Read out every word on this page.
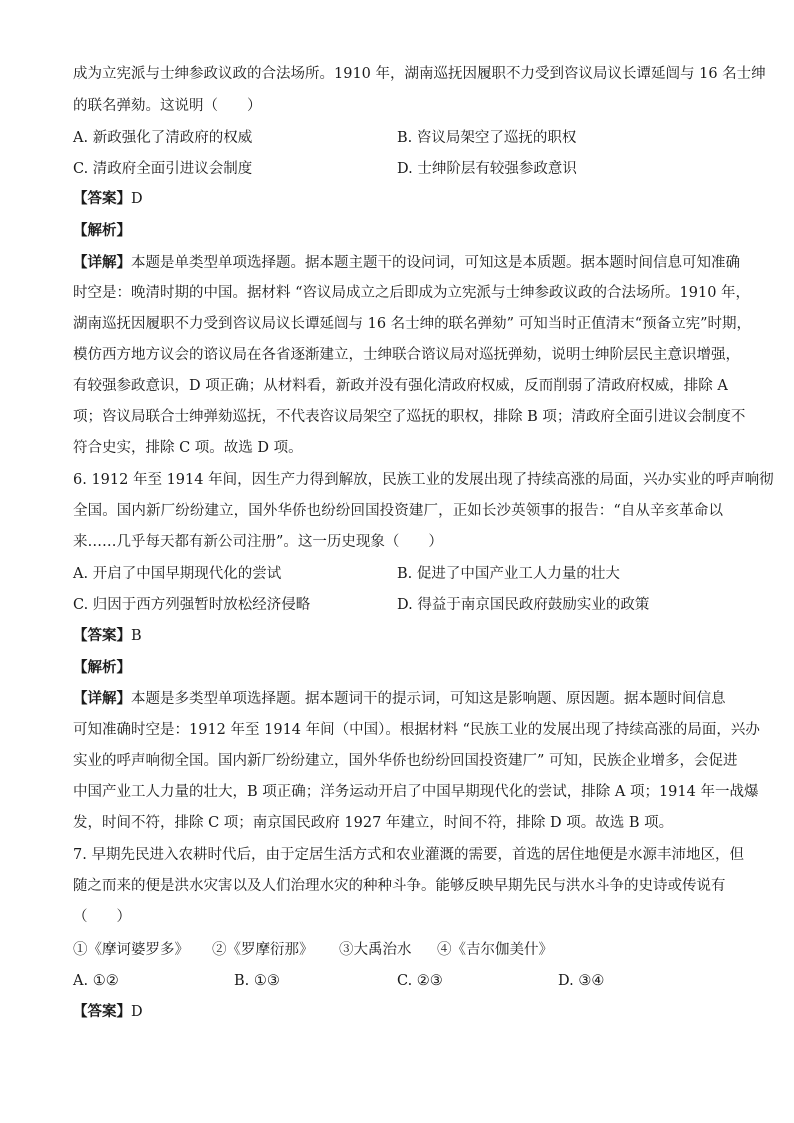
成为立宪派与士绅参政议政的合法场所。1910 年，湖南巡抚因履职不力受到咨议局议长谭延闿与 16 名士绅
的联名弹劾。这说明（　　）
A. 新政强化了清政府的权威	B. 咨议局架空了巡抚的职权
C. 清政府全面引进议会制度	D. 士绅阶层有较强参政意识
【答案】D
【解析】
【详解】本题是单类型单项选择题。据本题主题干的设问词，可知这是本质题。据本题时间信息可知准确
时空是：晚清时期的中国。据材料 “咨议局成立之后即成为立宪派与士绅参政议政的合法场所。1910 年，
湖南巡抚因履职不力受到咨议局议长谭延闿与 16 名士绅的联名弹劾” 可知当时正值清末“预备立宪”时期，
模仿西方地方议会的谘议局在各省逐渐建立，士绅联合谘议局对巡抚弹劾，说明士绅阶层民主意识增强，
有较强参政意识，D 项正确；从材料看，新政并没有强化清政府权威，反而削弱了清政府权威，排除 A
项；咨议局联合士绅弹劾巡抚，不代表咨议局架空了巡抚的职权，排除 B 项；清政府全面引进议会制度不
符合史实，排除 C 项。故选 D 项。
6. 1912 年至 1914 年间，因生产力得到解放，民族工业的发展出现了持续高涨的局面，兴办实业的呼声响彻
全国。国内新厂纷纷建立，国外华侨也纷纷回国投资建厂，正如长沙英领事的报告：“自从辛亥革命以
来……几乎每天都有新公司注册”。这一历史现象（　　）
A. 开启了中国早期现代化的尝试	B. 促进了中国产业工人力量的壮大
C. 归因于西方列强暂时放松经济侵略	D. 得益于南京国民政府鼓励实业的政策
【答案】B
【解析】
【详解】本题是多类型单项选择题。据本题词干的提示词，可知这是影响题、原因题。据本题时间信息
可知准确时空是：1912 年至 1914 年间（中国）。根据材料 “民族工业的发展出现了持续高涨的局面，兴办
实业的呼声响彻全国。国内新厂纷纷建立，国外华侨也纷纷回国投资建厂” 可知，民族企业增多，会促进
中国产业工人力量的壮大，B 项正确；洋务运动开启了中国早期现代化的尝试，排除 A 项；1914 年一战爆
发，时间不符，排除 C 项；南京国民政府 1927 年建立，时间不符，排除 D 项。故选 B 项。
7. 早期先民进入农耕时代后，由于定居生活方式和农业灌溉的需要，首选的居住地便是水源丰沛地区，但
随之而来的便是洪水灾害以及人们治理水灾的种种斗争。能够反映早期先民与洪水斗争的史诗或传说有
（　　）
①《摩诃婆罗多》 ②《罗摩衍那》 ③大禹治水 ④《吉尔伽美什》
A. ①②	B. ①③	C. ②③	D. ③④
【答案】D
